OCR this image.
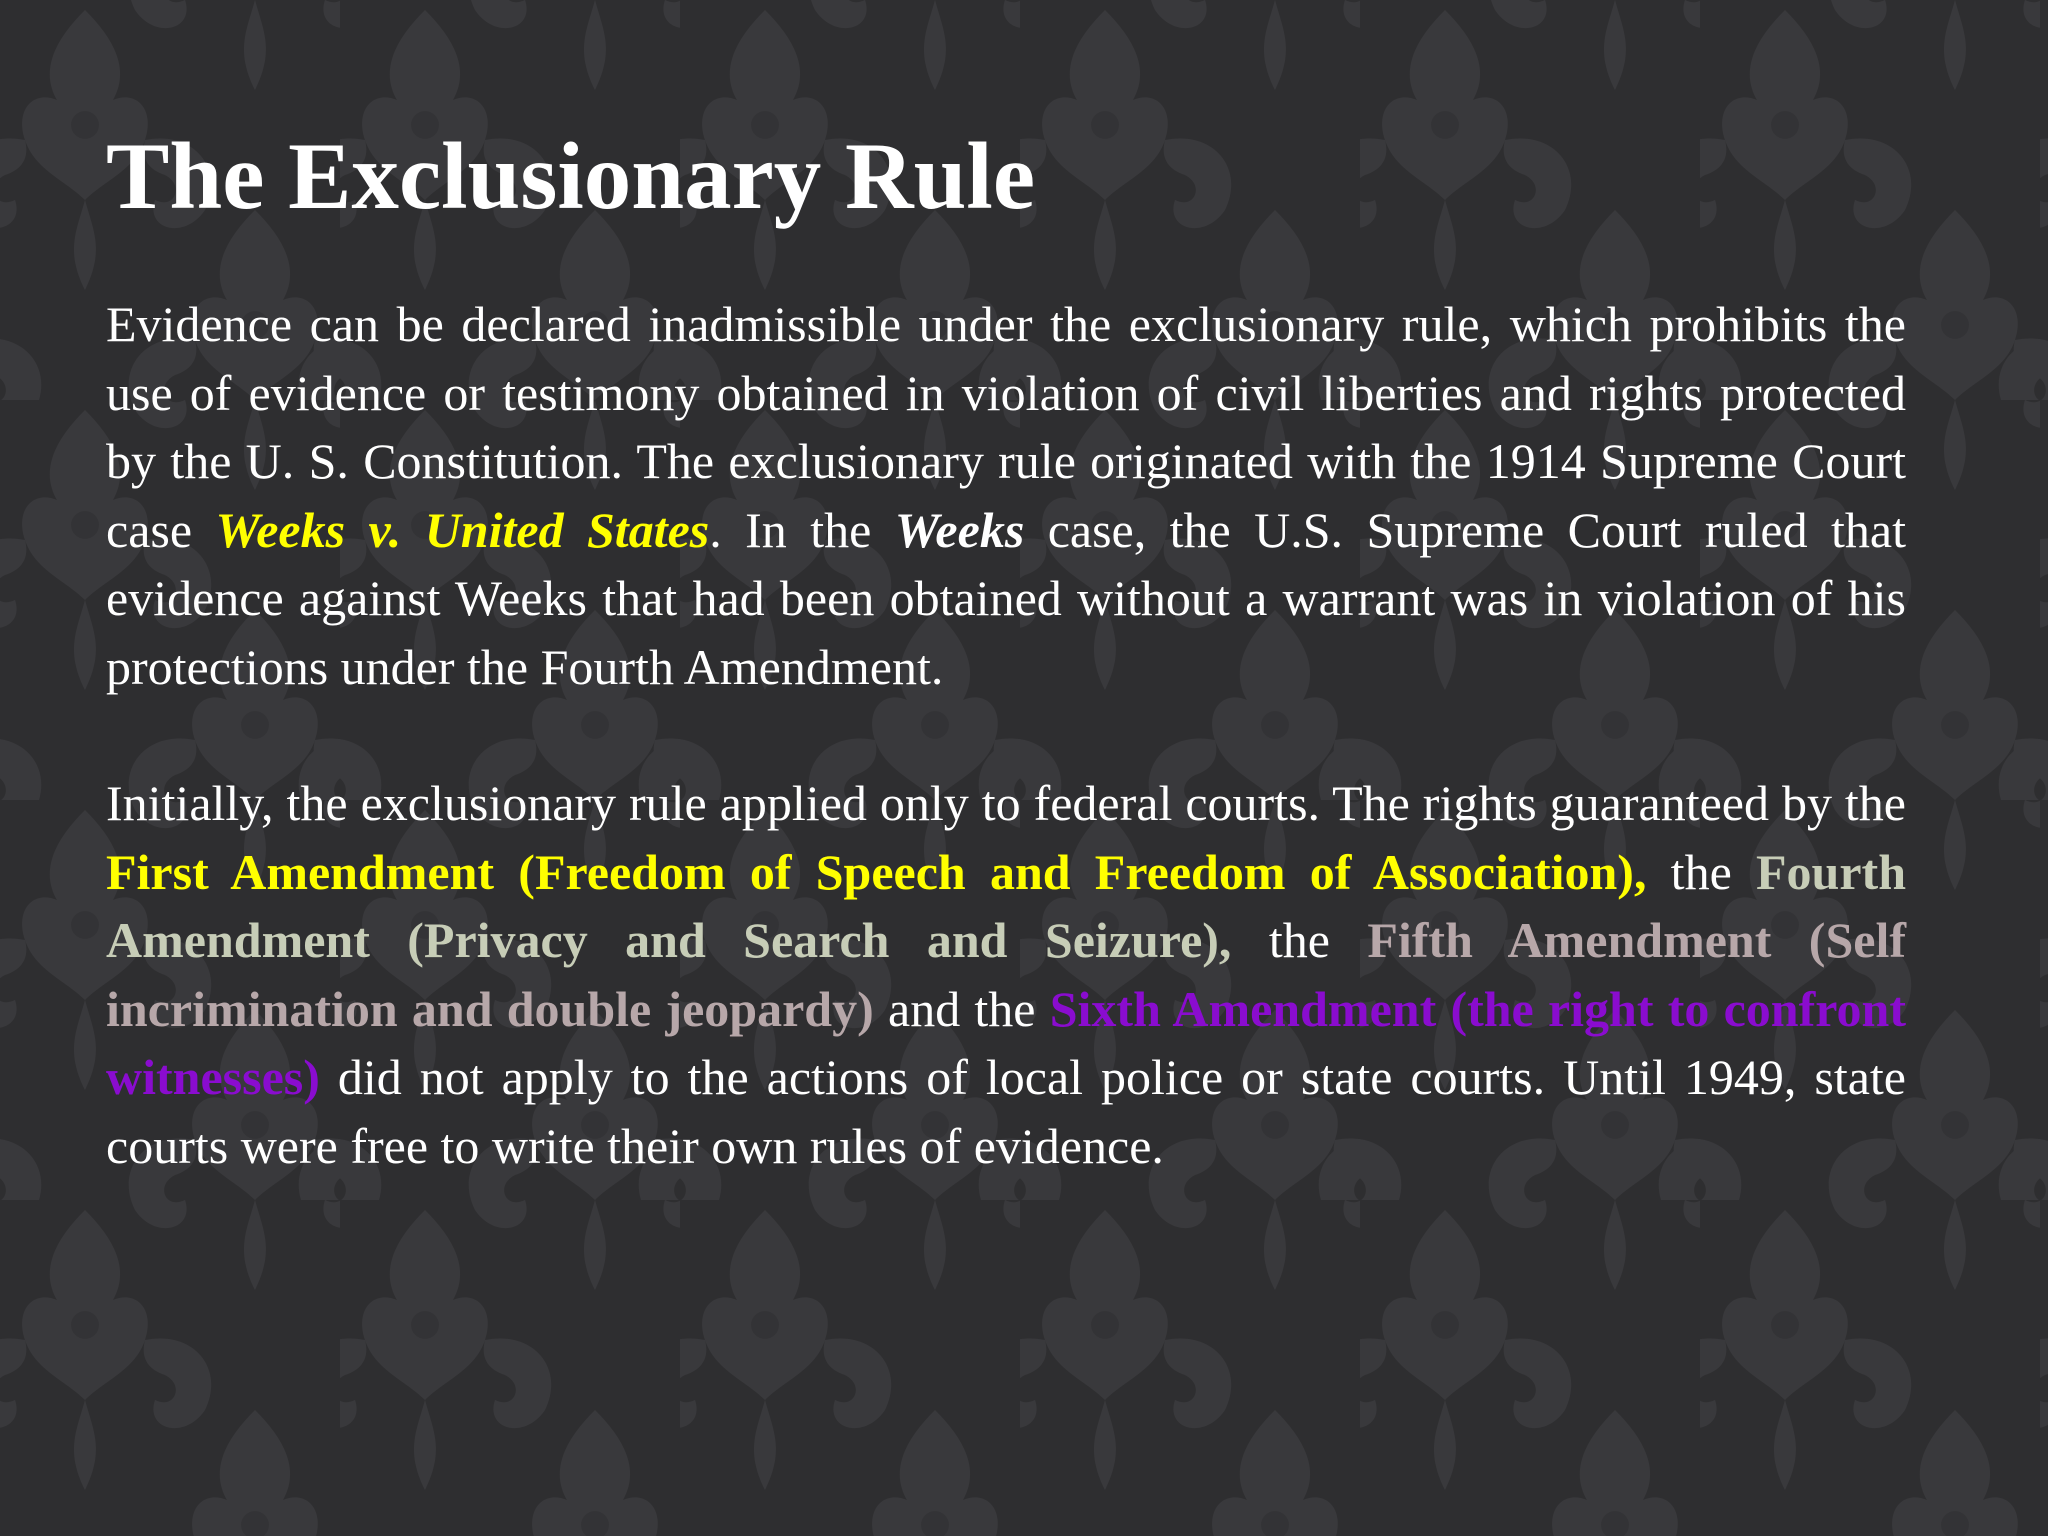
The Exclusionary Rule

Evidence can be declared inadmissible under the exclusionary rule, which prohibits the use of evidence or testimony obtained in violation of civil liberties and rights protected by the U. S. Constitution. The exclusionary rule originated with the 1914 Supreme Court case Weeks v. United States. In the Weeks case, the U.S. Supreme Court ruled that evidence against Weeks that had been obtained without a warrant was in violation of his protections under the Fourth Amendment.

Initially, the exclusionary rule applied only to federal courts. The rights guaranteed by the First Amendment (Freedom of Speech and Freedom of Association), the Fourth Amendment (Privacy and Search and Seizure), the Fifth Amendment (Self incrimination and double jeopardy) and the Sixth Amendment (the right to confront witnesses) did not apply to the actions of local police or state courts. Until 1949, state courts were free to write their own rules of evidence.
